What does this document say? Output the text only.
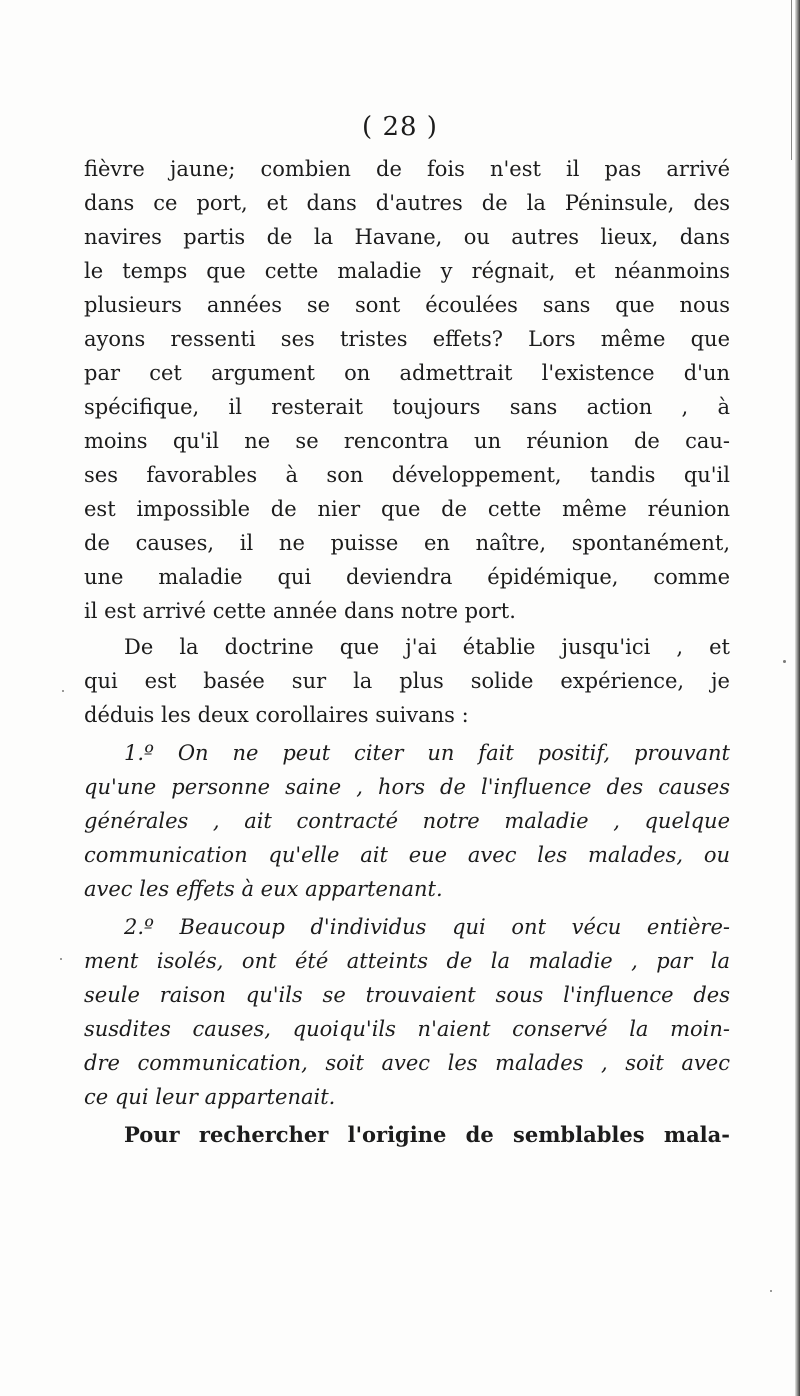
( 28 )
fièvre jaune; combien de fois n'est il pas arrivé
dans ce port, et dans d'autres de la Péninsule, des
navires partis de la Havane, ou autres lieux, dans
le temps que cette maladie y régnait, et néanmoins
plusieurs années se sont écoulées sans que nous
ayons ressenti ses tristes effets? Lors même que
par cet argument on admettrait l'existence d'un
spécifique, il resterait toujours sans action , à
moins qu'il ne se rencontra un réunion de cau-
ses favorables à son développement, tandis qu'il
est impossible de nier que de cette même réunion
de causes, il ne puisse en naître, spontanément,
une maladie qui deviendra épidémique, comme
il est arrivé cette année dans notre port.
De la doctrine que j'ai établie jusqu'ici , et
qui est basée sur la plus solide expérience, je
déduis les deux corollaires suivans :
1.º On ne peut citer un fait positif, prouvant
qu'une personne saine , hors de l'influence des causes
générales , ait contracté notre maladie , quelque
communication qu'elle ait eue avec les malades, ou
avec les effets à eux appartenant.
2.º Beaucoup d'individus qui ont vécu entière-
ment isolés, ont été atteints de la maladie , par la
seule raison qu'ils se trouvaient sous l'influence des
susdites causes, quoiqu'ils n'aient conservé la moin-
dre communication, soit avec les malades , soit avec
ce qui leur appartenait.
Pour rechercher l'origine de semblables mala-
